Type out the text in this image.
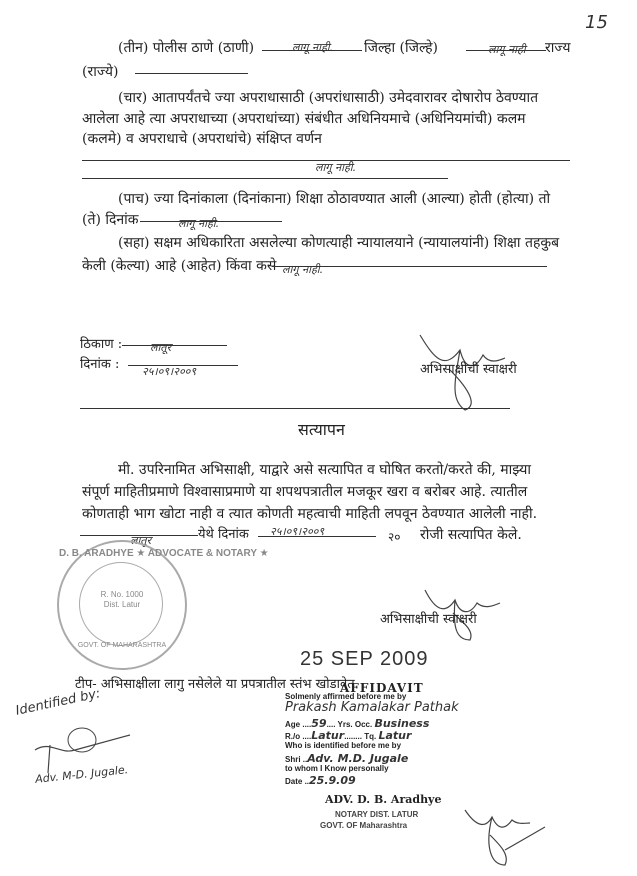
15
(तीन) पोलीस ठाणे (ठाणी)	लागू नाही. जिल्हा (जिल्हे)	लागू नाही राज्य
(राज्ये)
(चार) आतापर्यंतचे ज्या अपराधासाठी (अपरांधासाठी) उमेदवारावर दोषारोप ठेवण्यात
आलेला आहे त्या अपराधाच्या (अपराधांच्या) संबंधीत अधिनियमाचे (अधिनियमांची) कलम
(कलमे) व अपराधाचे (अपराधांचे) संक्षिप्त वर्णन
लागू नाही.
(पाच) ज्या दिनांकाला (दिनांकाना) शिक्षा ठोठावण्यात आली (आल्या) होती (होत्या) तो
(ते) दिनांक	लागू नाही.
(सहा) सक्षम अधिकारिता असलेल्या कोणत्याही न्यायालयाने (न्यायालयांनी) शिक्षा तहकुब
केली (केल्या) आहे (आहेत) किंवा कसे लागू नाही.
ठिकाण :	लातूर
दिनांक : २५।०९।२००९	अभिसाक्षीची स्वाक्षरी
सत्यापन
मी. उपरिनामित अभिसाक्षी, याद्वारे असे सत्यापित व घोषित करतो/करते की, माझ्या
संपूर्ण माहितीप्रमाणे विश्वासाप्रमाणे या शपथपत्रातील मजकूर खरा व बरोबर आहे. त्यातील
कोणताही भाग खोटा नाही व त्यात कोणती महत्वाची माहिती लपवून ठेवण्यात आलेली नाही.
लातूर	येथे दिनांक २५।०९।२००९	२० रोजी सत्यापित केले.
D. B. ARADHYE ★ ADVOCATE & NOTARY ★
R. No. 1000
Dist. Latur
GOVT. OF MAHARASHTRA
अभिसाक्षीची स्वाक्षरी
25 SEP 2009
टीप- अभिसाक्षीला लागु नसेलेले या प्रपत्रातील स्तंभ खोडावेत.
AFFIDAVIT
Solmenly affirmed before me by
Prakash Kamalakar Pathak
Age ....59.... Yrs. Occ. Business
R./o ....Latur........ Tq. Latur
Who is identified before me by
Shri ..Adv. M.D. Jugale
to whom I Know personally
Date ..25.9.09
ADV. D. B. Aradhye
NOTARY DIST. LATUR
GOVT. OF Maharashtra
Identified by:
Adv. M-D. Jugale.
